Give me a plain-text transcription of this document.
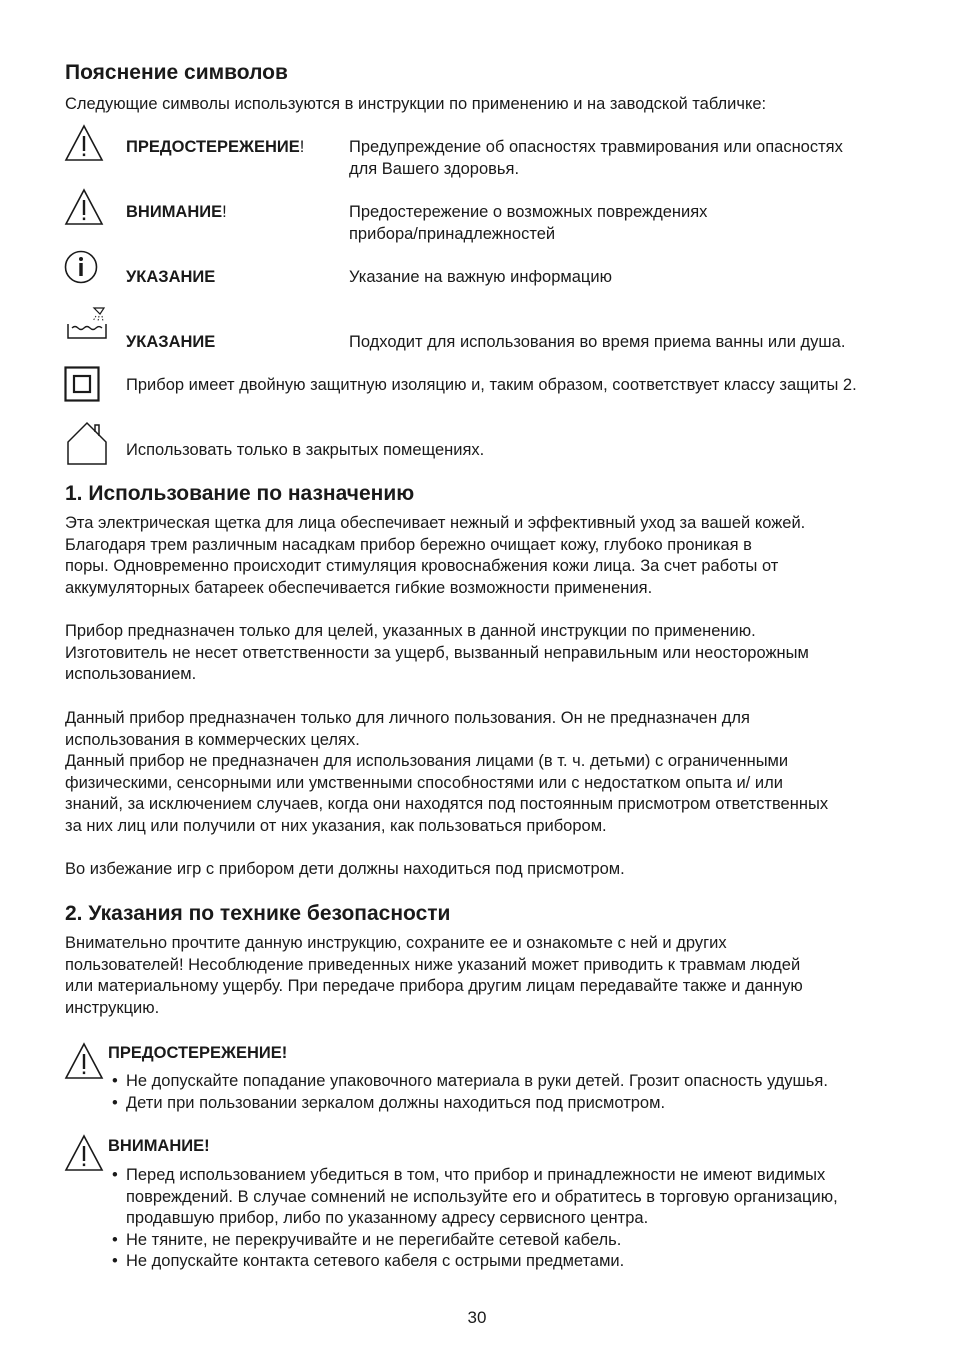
Пояснение символов
Следующие символы используются в инструкции по применению и на заводской табличке:
ПРЕДОСТЕРЕЖЕНИЕ!	Предупреждение об опасностях травмирования или опасностях
для Вашего здоровья.
ВНИМАНИЕ!	Предостережение о возможных повреждениях
прибора/принадлежностей
УКАЗАНИЕ	Указание на важную информацию
УКАЗАНИЕ	Подходит для использования во время приема ванны или душа.
Прибор имеет двойную защитную изоляцию и, таким образом, соответствует классу защиты 2.
Использовать только в закрытых помещениях.
1. Использование по назначению
Эта электрическая щетка для лица обеспечивает нежный и эффективный уход за вашей кожей.
Благодаря трем различным насадкам прибор бережно очищает кожу, глубоко проникая в
поры. Одновременно происходит стимуляция кровоснабжения кожи лица. За счет работы от
аккумуляторных батареек обеспечивается гибкие возможности применения.
Прибор предназначен только для целей, указанных в данной инструкции по применению.
Изготовитель не несет ответственности за ущерб, вызванный неправильным или неосторожным
использованием.
Данный прибор предназначен только для личного пользования. Он не предназначен для
использования в коммерческих целях.
Данный прибор не предназначен для использования лицами (в т. ч. детьми) с ограниченными
физическими, сенсорными или умственными способностями или с недостатком опыта и/ или
знаний, за исключением случаев, когда они находятся под постоянным присмотром ответственных
за них лиц или получили от них указания, как пользоваться прибором.
Во избежание игр с прибором дети должны находиться под присмотром.
2. Указания по технике безопасности
Внимательно прочтите данную инструкцию, сохраните ее и ознакомьте с ней и других
пользователей! Несоблюдение приведенных ниже указаний может приводить к травмам людей
или материальному ущербу. При передаче прибора другим лицам передавайте также и данную
инструкцию.
ПРЕДОСТЕРЕЖЕНИЕ!
• Не допускайте попадание упаковочного материала в руки детей. Грозит опасность удушья.
• Дети при пользовании зеркалом должны находиться под присмотром.
ВНИМАНИЕ!
• Перед использованием убедиться в том, что прибор и принадлежности не имеют видимых
повреждений. В случае сомнений не используйте его и обратитесь в торговую организацию,
продавшую прибор, либо по указанному адресу сервисного центра.
• Не тяните, не перекручивайте и не перегибайте сетевой кабель.
• Не допускайте контакта сетевого кабеля с острыми предметами.
30
